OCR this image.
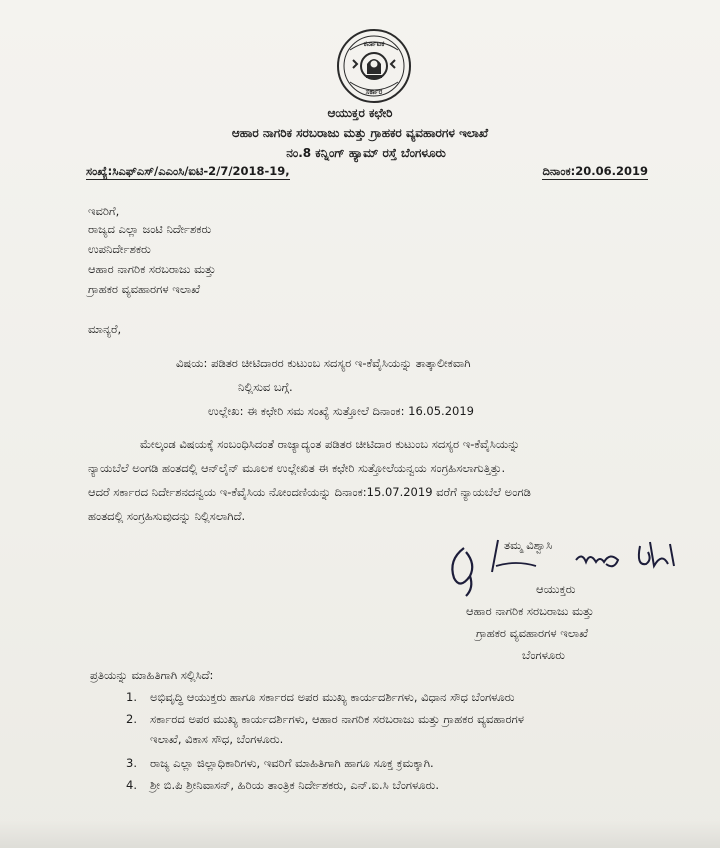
ಕರ್ನಾಟಕ
ಸರ್ಕಾರ
ಆಯುಕ್ತರ ಕಛೇರಿ
ಆಹಾರ ನಾಗರಿಕ ಸರಬರಾಜು ಮತ್ತು ಗ್ರಾಹಕರ ವ್ಯವಹಾರಗಳ ಇಲಾಖೆ
ನಂ.8 ಕನ್ನಿಂಗ್ ಹ್ಯಾಮ್ ರಸ್ತೆ ಬೆಂಗಳೂರು
ಸಂಖ್ಯೆ:ಸಿಎಫ್‌ಎಸ್/ಎಎಂಸಿ/ಐಟಿ-2/7/2018-19,	ದಿನಾಂಕ:20.06.2019
ಇವರಿಗೆ,
ರಾಜ್ಯದ ಎಲ್ಲಾ ಜಂಟಿ ನಿರ್ದೇಶಕರು
ಉಪನಿರ್ದೇಶಕರು
ಆಹಾರ ನಾಗರಿಕ ಸರಬರಾಜು ಮತ್ತು
ಗ್ರಾಹಕರ ವ್ಯವಹಾರಗಳ ಇಲಾಖೆ
ಮಾನ್ಯರೆ,
ವಿಷಯ: ಪಡಿತರ ಚೀಟಿದಾರರ ಕುಟುಂಬ ಸದಸ್ಯರ ಇ-ಕೆವೈಸಿಯನ್ನು ತಾತ್ಕಾಲೀಕವಾಗಿ
ನಿಲ್ಲಿಸುವ ಬಗ್ಗೆ.
ಉಲ್ಲೇಖ: ಈ ಕಛೇರಿ ಸಮ ಸಂಖ್ಯೆ ಸುತ್ತೋಲೆ ದಿನಾಂಕ: 16.05.2019
ಮೇಲ್ಕಂಡ ವಿಷಯಕ್ಕೆ ಸಂಬಂಧಿಸಿದಂತೆ ರಾಜ್ಯಾದ್ಯಂತ ಪಡಿತರ ಚೀಟಿದಾರ ಕುಟುಂಬ ಸದಸ್ಯರ ಇ-ಕೆವೈಸಿಯನ್ನು
ನ್ಯಾಯಬೆಲೆ ಅಂಗಡಿ ಹಂತದಲ್ಲಿ ಆನ್‌ಲೈನ್ ಮೂಲಕ ಉಲ್ಲೇಖಿತ ಈ ಕಛೇರಿ ಸುತ್ತೋಲೆಯನ್ವಯ ಸಂಗ್ರಹಿಸಲಾಗುತ್ತಿತ್ತು.
ಆದರೆ ಸರ್ಕಾರದ ನಿರ್ದೇಶನದನ್ವಯ ಇ-ಕೆವೈಸಿಯ ನೋಂದಣಿಯನ್ನು ದಿನಾಂಕ:15.07.2019 ವರೆಗೆ ನ್ಯಾಯಬೆಲೆ ಅಂಗಡಿ
ಹಂತದಲ್ಲಿ ಸಂಗ್ರಹಿಸುವುದನ್ನು ನಿಲ್ಲಿಸಲಾಗಿದೆ.
ತಮ್ಮ ವಿಶ್ವಾಸಿ
ಆಯುಕ್ತರು
ಆಹಾರ ನಾಗರಿಕ ಸರಬರಾಜು ಮತ್ತು
ಗ್ರಾಹಕರ ವ್ಯವಹಾರಗಳ ಇಲಾಖೆ
ಬೆಂಗಳೂರು
ಪ್ರತಿಯನ್ನು ಮಾಹಿತಿಗಾಗಿ ಸಲ್ಲಿಸಿದೆ:
1. ಅಭಿವೃದ್ಧಿ ಆಯುಕ್ತರು ಹಾಗೂ ಸರ್ಕಾರದ ಅಪರ ಮುಖ್ಯ ಕಾರ್ಯದರ್ಶಿಗಳು, ವಿಧಾನ ಸೌಧ ಬೆಂಗಳೂರು
2. ಸರ್ಕಾರದ ಅಪರ ಮುಖ್ಯ ಕಾರ್ಯದರ್ಶಿಗಳು, ಆಹಾರ ನಾಗರಿಕ ಸರಬರಾಜು ಮತ್ತು ಗ್ರಾಹಕರ ವ್ಯವಹಾರಗಳ
ಇಲಾಖೆ, ವಿಕಾಸ ಸೌಧ, ಬೆಂಗಳೂರು.
3. ರಾಜ್ಯ ಎಲ್ಲಾ ಜಿಲ್ಲಾಧಿಕಾರಿಗಳು, ಇವರಿಗೆ ಮಾಹಿತಿಗಾಗಿ ಹಾಗೂ ಸೂಕ್ತ ಕ್ರಮಕ್ಕಾಗಿ.
4. ಶ್ರೀ ಬಿ.ಪಿ ಶ್ರೀನಿವಾಸನ್, ಹಿರಿಯ ತಾಂತ್ರಿಕ ನಿರ್ದೇಶಕರು, ಎನ್.ಐ.ಸಿ ಬೆಂಗಳೂರು.
